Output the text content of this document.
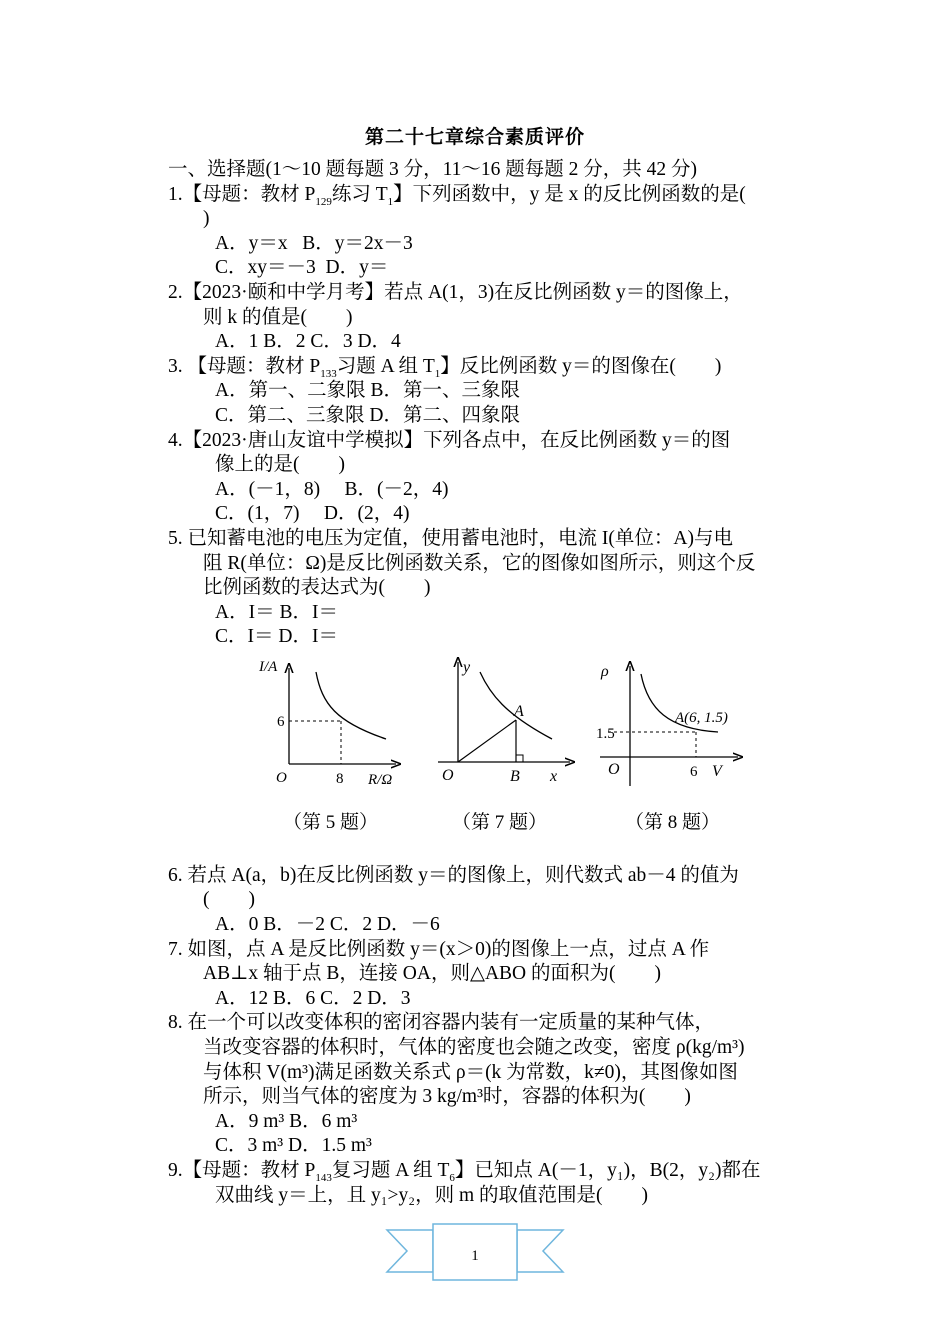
第二十七章综合素质评价
一、选择题(1～10 题每题 3 分，11～16 题每题 2 分，共 42 分)
1.【母题：教材 $P_{129}$练习 $T_1$】下列函数中，y 是 x 的反比例函数的是(
)
A．y＝x B．y＝2x－3
C．xy＝－3 D．y＝
2.【2023·颐和中学月考】若点 A(1，3)在反比例函数 y＝的图像上，
则 k 的值是(　　)
A．1 B．2 C．3 D．4
3. 【母题：教材 $P_{133}$习题 A 组 $T_1$】反比例函数 y＝的图像在(　　)
A．第一、二象限 B．第一、三象限
C．第二、三象限 D．第二、四象限
4.【2023·唐山友谊中学模拟】下列各点中，在反比例函数 y＝的图
像上的是(　　)
A．(－1，8)　 B．(－2，4)
C．(1，7)　 D．(2，4)
5. 已知蓄电池的电压为定值，使用蓄电池时，电流 I(单位：A)与电
阻 R(单位：Ω)是反比例函数关系，它的图像如图所示，则这个反
比例函数的表达式为(　　)
A．I＝ B．I＝
C．I＝ D．I＝
I/A
R/Ω
O
6
8
（第 5 题）
y
x
O
A
B
（第 7 题）
ρ
V
O
1.5
6
A(6, 1.5)
（第 8 题）
6. 若点 A(a，b)在反比例函数 y＝的图像上，则代数式 ab－4 的值为
(　　)
A．0 B．－2 C．2 D．－6
7. 如图，点 A 是反比例函数 y＝(x＞0)的图像上一点，过点 A 作
AB⊥x 轴于点 B，连接 OA，则△ABO 的面积为(　　)
A．12 B．6 C．2 D．3
8. 在一个可以改变体积的密闭容器内装有一定质量的某种气体，
当改变容器的体积时，气体的密度也会随之改变，密度 ρ(kg/m³)
与体积 V(m³)满足函数关系式 ρ＝(k 为常数，k≠0)，其图像如图
所示，则当气体的密度为 3 kg/m³时，容器的体积为(　　)
A．9 m³ B．6 m³
C．3 m³ D．1.5 m³
9.【母题：教材 $P_{143}$复习题 A 组 $T_6$】已知点 A(－1，y₁)，B(2，y₂)都在
双曲线 y＝上，且 y₁>y₂，则 m 的取值范围是(　　)
1
